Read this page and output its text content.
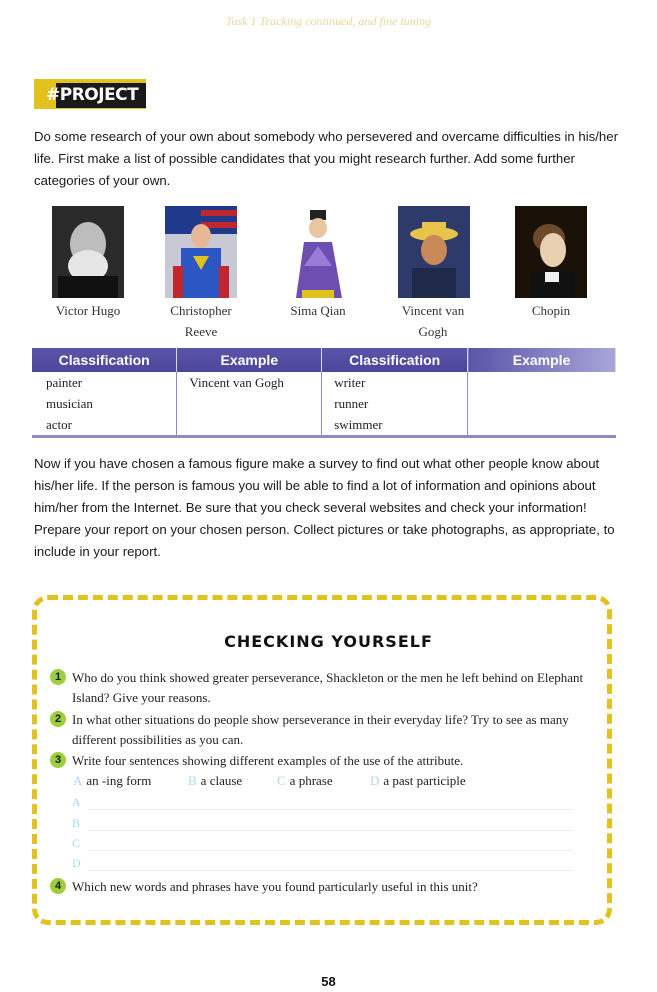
Task 1 Tracking continued, and fine tuning
#PROJECT
Do some research of your own about somebody who persevered and overcame difficulties in his/her life. First make a list of possible candidates that you might research further. Add some further categories of your own.
Victor Hugo	Christopher Reeve
Sima Qian	Vincent van Gogh
Chopin
Classification	Example	Classification	Example
painter	Vincent van Gogh	writer	
musician		runner	
actor		swimmer	
Now if you have chosen a famous figure make a survey to find out what other people know about his/her life. If the person is famous you will be able to find a lot of information and opinions about him/her from the Internet. Be sure that you check several websites and check your information! Prepare your report on your chosen person. Collect pictures or take photographs, as appropriate, to include in your report.
CHECKING YOURSELF
1 Who do you think showed greater perseverance, Shackleton or the men he left behind on Elephant Island? Give your reasons.
2 In what other situations do people show perseverance in their everyday life? Try to see as many different possibilities as you can.
3 Write four sentences showing different examples of the use of the attribute.
A an -ing form	B a clause	C a phrase	D a past participle
A
B
C
D
4 Which new words and phrases have you found particularly useful in this unit?
58
